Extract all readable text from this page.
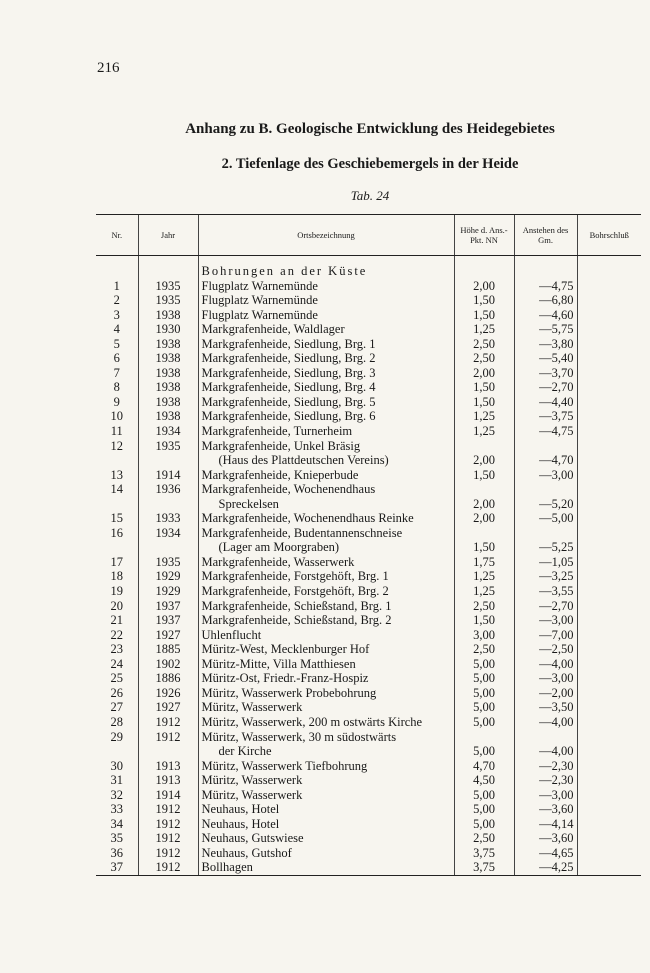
216
Anhang zu B. Geologische Entwicklung des Heidegebietes
2. Tiefenlage des Geschiebemergels in der Heide
Tab. 24
Nr.	Jahr	Ortsbezeichnung	Höhe d. Ans.-Pkt. NN	Anstehen des Gm.	Bohrschluß

		Bohrungen an der Küste			
1	1935	Flugplatz Warnemünde	2,00	—4,75	
2	1935	Flugplatz Warnemünde	1,50	—6,80	
3	1938	Flugplatz Warnemünde	1,50	—4,60	
4	1930	Markgrafenheide, Waldlager	1,25	—5,75	
5	1938	Markgrafenheide, Siedlung, Brg. 1	2,50	—3,80	
6	1938	Markgrafenheide, Siedlung, Brg. 2	2,50	—5,40	
7	1938	Markgrafenheide, Siedlung, Brg. 3	2,00	—3,70	
8	1938	Markgrafenheide, Siedlung, Brg. 4	1,50	—2,70	
9	1938	Markgrafenheide, Siedlung, Brg. 5	1,50	—4,40	
10	1938	Markgrafenheide, Siedlung, Brg. 6	1,25	—3,75	
11	1934	Markgrafenheide, Turnerheim	1,25	—4,75	
12	1935	Markgrafenheide, Unkel Bräsig			
		(Haus des Plattdeutschen Vereins)	2,00	—4,70	
13	1914	Markgrafenheide, Knieperbude	1,50	—3,00	
14	1936	Markgrafenheide, Wochenendhaus			
		Spreckelsen	2,00	—5,20	
15	1933	Markgrafenheide, Wochenendhaus Reinke	2,00	—5,00	
16	1934	Markgrafenheide, Budentannenschneise			
		(Lager am Moorgraben)	1,50	—5,25	
17	1935	Markgrafenheide, Wasserwerk	1,75	—1,05	
18	1929	Markgrafenheide, Forstgehöft, Brg. 1	1,25	—3,25	
19	1929	Markgrafenheide, Forstgehöft, Brg. 2	1,25	—3,55	
20	1937	Markgrafenheide, Schießstand, Brg. 1	2,50	—2,70	
21	1937	Markgrafenheide, Schießstand, Brg. 2	1,50	—3,00	
22	1927	Uhlenflucht	3,00	—7,00	
23	1885	Müritz-West, Mecklenburger Hof	2,50	—2,50	
24	1902	Müritz-Mitte, Villa Matthiesen	5,00	—4,00	
25	1886	Müritz-Ost, Friedr.-Franz-Hospiz	5,00	—3,00	
26	1926	Müritz, Wasserwerk Probebohrung	5,00	—2,00	
27	1927	Müritz, Wasserwerk	5,00	—3,50	
28	1912	Müritz, Wasserwerk, 200 m ostwärts Kirche	5,00	—4,00	
29	1912	Müritz, Wasserwerk, 30 m südostwärts			
		der Kirche	5,00	—4,00	
30	1913	Müritz, Wasserwerk Tiefbohrung	4,70	—2,30	
31	1913	Müritz, Wasserwerk	4,50	—2,30	
32	1914	Müritz, Wasserwerk	5,00	—3,00	
33	1912	Neuhaus, Hotel	5,00	—3,60	
34	1912	Neuhaus, Hotel	5,00	—4,14	
35	1912	Neuhaus, Gutswiese	2,50	—3,60	
36	1912	Neuhaus, Gutshof	3,75	—4,65	
37	1912	Bollhagen	3,75	—4,25	
